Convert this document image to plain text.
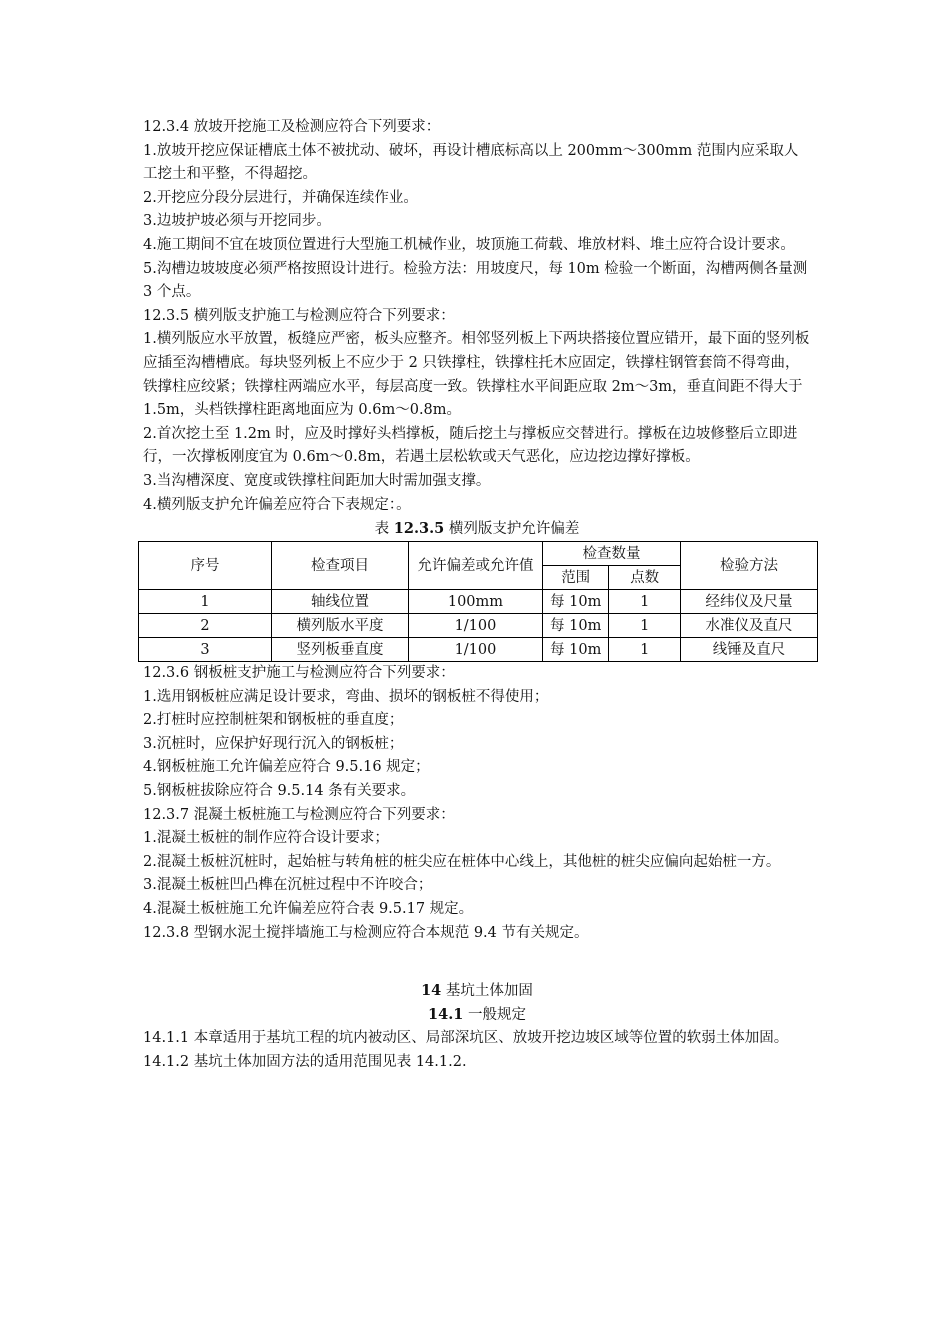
12.3.4 放坡开挖施工及检测应符合下列要求：

1.放坡开挖应保证槽底土体不被扰动、破坏，再设计槽底标高以上 200mm～300mm 范围内应采取人工挖土和平整，不得超挖。

2.开挖应分段分层进行，并确保连续作业。

3.边坡护坡必须与开挖同步。

4.施工期间不宜在坡顶位置进行大型施工机械作业，坡顶施工荷载、堆放材料、堆土应符合设计要求。

5.沟槽边坡坡度必须严格按照设计进行。检验方法：用坡度尺，每 10m 检验一个断面，沟槽两侧各量测 3 个点。

12.3.5 横列版支护施工与检测应符合下列要求：

1.横列版应水平放置，板缝应严密，板头应整齐。相邻竖列板上下两块搭接位置应错开，最下面的竖列板应插至沟槽槽底。每块竖列板上不应少于 2 只铁撑柱，铁撑柱托木应固定，铁撑柱钢管套筒不得弯曲，铁撑柱应绞紧；铁撑柱两端应水平，每层高度一致。铁撑柱水平间距应取 2m～3m，垂直间距不得大于 1.5m，头档铁撑柱距离地面应为 0.6m～0.8m。

2.首次挖土至 1.2m 时，应及时撑好头档撑板，随后挖土与撑板应交替进行。撑板在边坡修整后立即进行，一次撑板刚度宜为 0.6m～0.8m，若遇土层松软或天气恶化，应边挖边撑好撑板。

3.当沟槽深度、宽度或铁撑柱间距加大时需加强支撑。

4.横列版支护允许偏差应符合下表规定：。

表 12.3.5 横列版支护允许偏差

序号	检查项目	允许偏差或允许值	检查数量		检验方法
			范围	点数	
1	轴线位置	100mm	每 10m	1	经纬仪及尺量
2	横列版水平度	1/100	每 10m	1	水准仪及直尺
3	竖列板垂直度	1/100	每 10m	1	线锤及直尺

12.3.6 钢板桩支护施工与检测应符合下列要求：

1.选用钢板桩应满足设计要求，弯曲、损坏的钢板桩不得使用；

2.打桩时应控制桩架和钢板桩的垂直度；

3.沉桩时，应保护好现行沉入的钢板桩；

4.钢板桩施工允许偏差应符合 9.5.16 规定；

5.钢板桩拔除应符合 9.5.14 条有关要求。

12.3.7 混凝土板桩施工与检测应符合下列要求：

1.混凝土板桩的制作应符合设计要求；

2.混凝土板桩沉桩时，起始桩与转角桩的桩尖应在桩体中心线上，其他桩的桩尖应偏向起始桩一方。

3.混凝土板桩凹凸榫在沉桩过程中不许咬合；

4.混凝土板桩施工允许偏差应符合表 9.5.17 规定。

12.3.8 型钢水泥土搅拌墙施工与检测应符合本规范 9.4 节有关规定。

14 基坑土体加固

14.1 一般规定

14.1.1 本章适用于基坑工程的坑内被动区、局部深坑区、放坡开挖边坡区域等位置的软弱土体加固。

14.1.2 基坑土体加固方法的适用范围见表 14.1.2.
